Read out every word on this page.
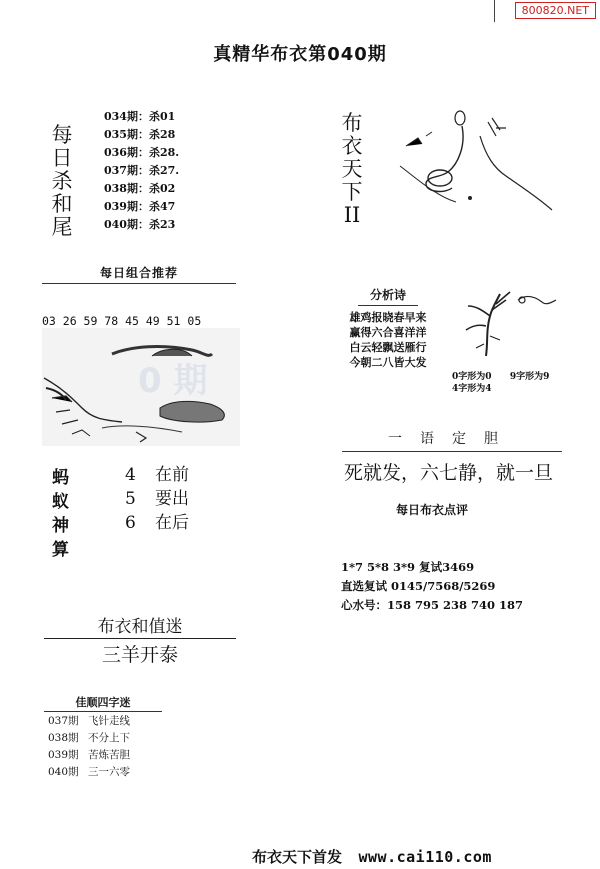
800820.NET
真精华布衣第040期
每
日
杀
和
尾
034期：杀01
035期：杀28
036期：杀28.
037期：杀27.
038期：杀02
039期：杀47
040期：杀23
布
衣
天
下
II
每日组合推荐

03 26 59 78 45 49 51 05

0 期
分析诗
雄鸡报晓春早来
赢得六合喜洋洋
白云轻飘送雁行
今朝二八皆大发
0字形为0 9字形为9
4字形为4
一语定胆
死就发，六七静，就一旦
每日布衣点评
1*7 5*8 3*9 复试3469
直选复试 0145/7568/5269
心水号：158 795 238 740 187
蚂
蚁
神
算
4 在前
5 要出
6 在后
布衣和值迷
三羊开泰
佳顺四字迷
037期 飞针走线
038期 不分上下
039期 苦炼苦胆
040期 三一六零
布衣天下首发 www.cai110.com
